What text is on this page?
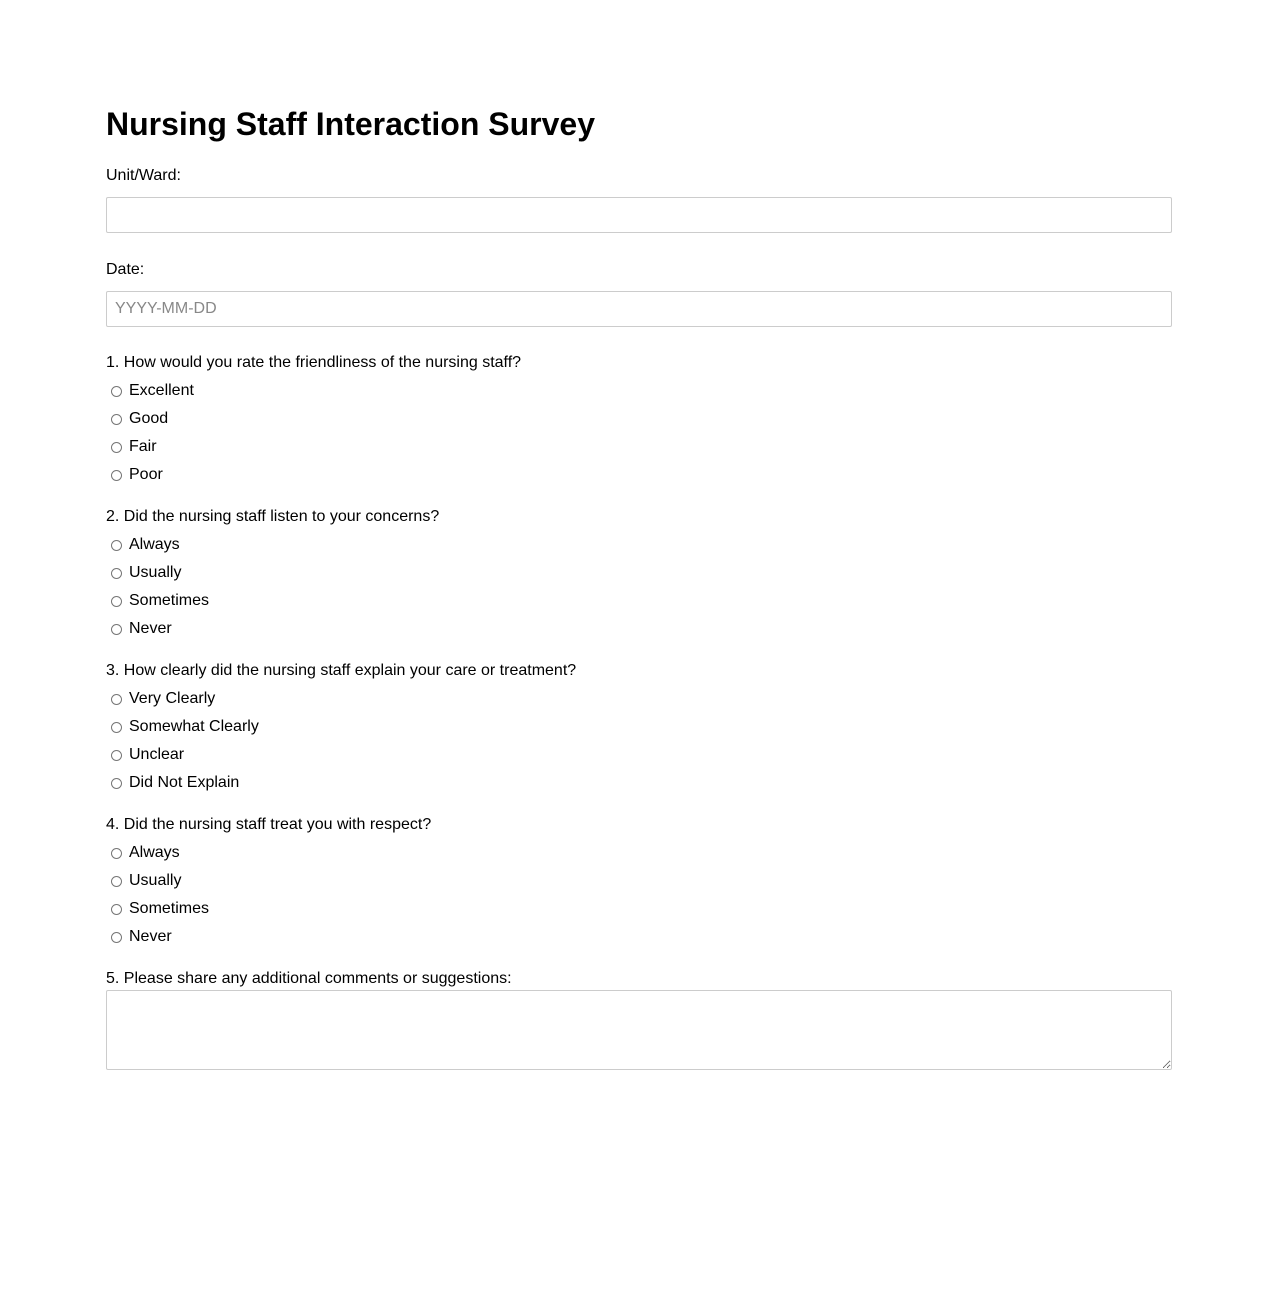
Nursing Staff Interaction Survey
Unit/Ward:
Date:
YYYY-MM-DD
1. How would you rate the friendliness of the nursing staff?
Excellent
Good
Fair
Poor
2. Did the nursing staff listen to your concerns?
Always
Usually
Sometimes
Never
3. How clearly did the nursing staff explain your care or treatment?
Very Clearly
Somewhat Clearly
Unclear
Did Not Explain
4. Did the nursing staff treat you with respect?
Always
Usually
Sometimes
Never
5. Please share any additional comments or suggestions:
